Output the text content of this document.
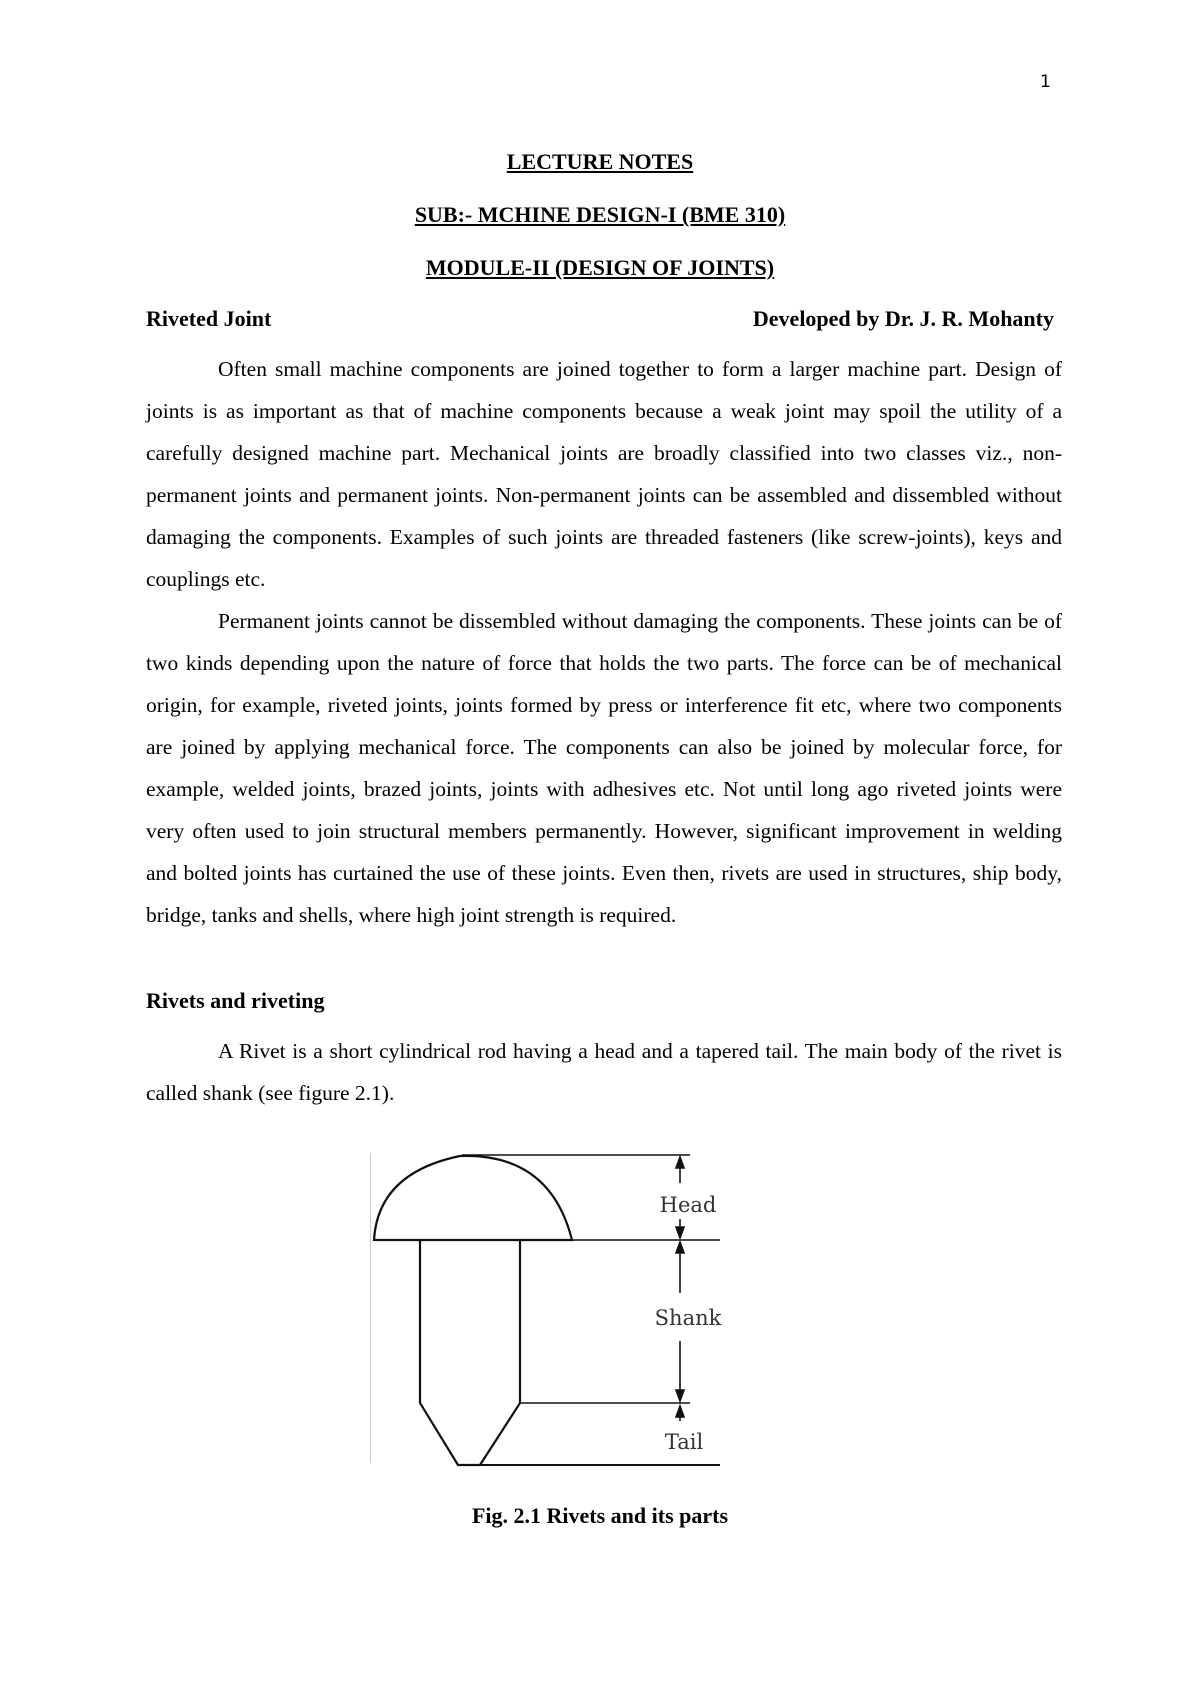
1
LECTURE NOTES
SUB:- MCHINE DESIGN-I (BME 310)
MODULE-II (DESIGN OF JOINTS)
Riveted Joint	Developed by Dr. J. R. Mohanty

Often small machine components are joined together to form a larger machine part. Design of joints is as important as that of machine components because a weak joint may spoil the utility of a carefully designed machine part. Mechanical joints are broadly classified into two classes viz., non-permanent joints and permanent joints. Non-permanent joints can be assembled and dissembled without damaging the components. Examples of such joints are threaded fasteners (like screw-joints), keys and couplings etc.

Permanent joints cannot be dissembled without damaging the components. These joints can be of two kinds depending upon the nature of force that holds the two parts. The force can be of mechanical origin, for example, riveted joints, joints formed by press or interference fit etc, where two components are joined by applying mechanical force. The components can also be joined by molecular force, for example, welded joints, brazed joints, joints with adhesives etc. Not until long ago riveted joints were very often used to join structural members permanently. However, significant improvement in welding and bolted joints has curtained the use of these joints. Even then, rivets are used in structures, ship body, bridge, tanks and shells, where high joint strength is required.

Rivets and riveting

A Rivet is a short cylindrical rod having a head and a tapered tail. The main body of the rivet is called shank (see figure 2.1).

Head
Shank
Tail
Fig. 2.1 Rivets and its parts
